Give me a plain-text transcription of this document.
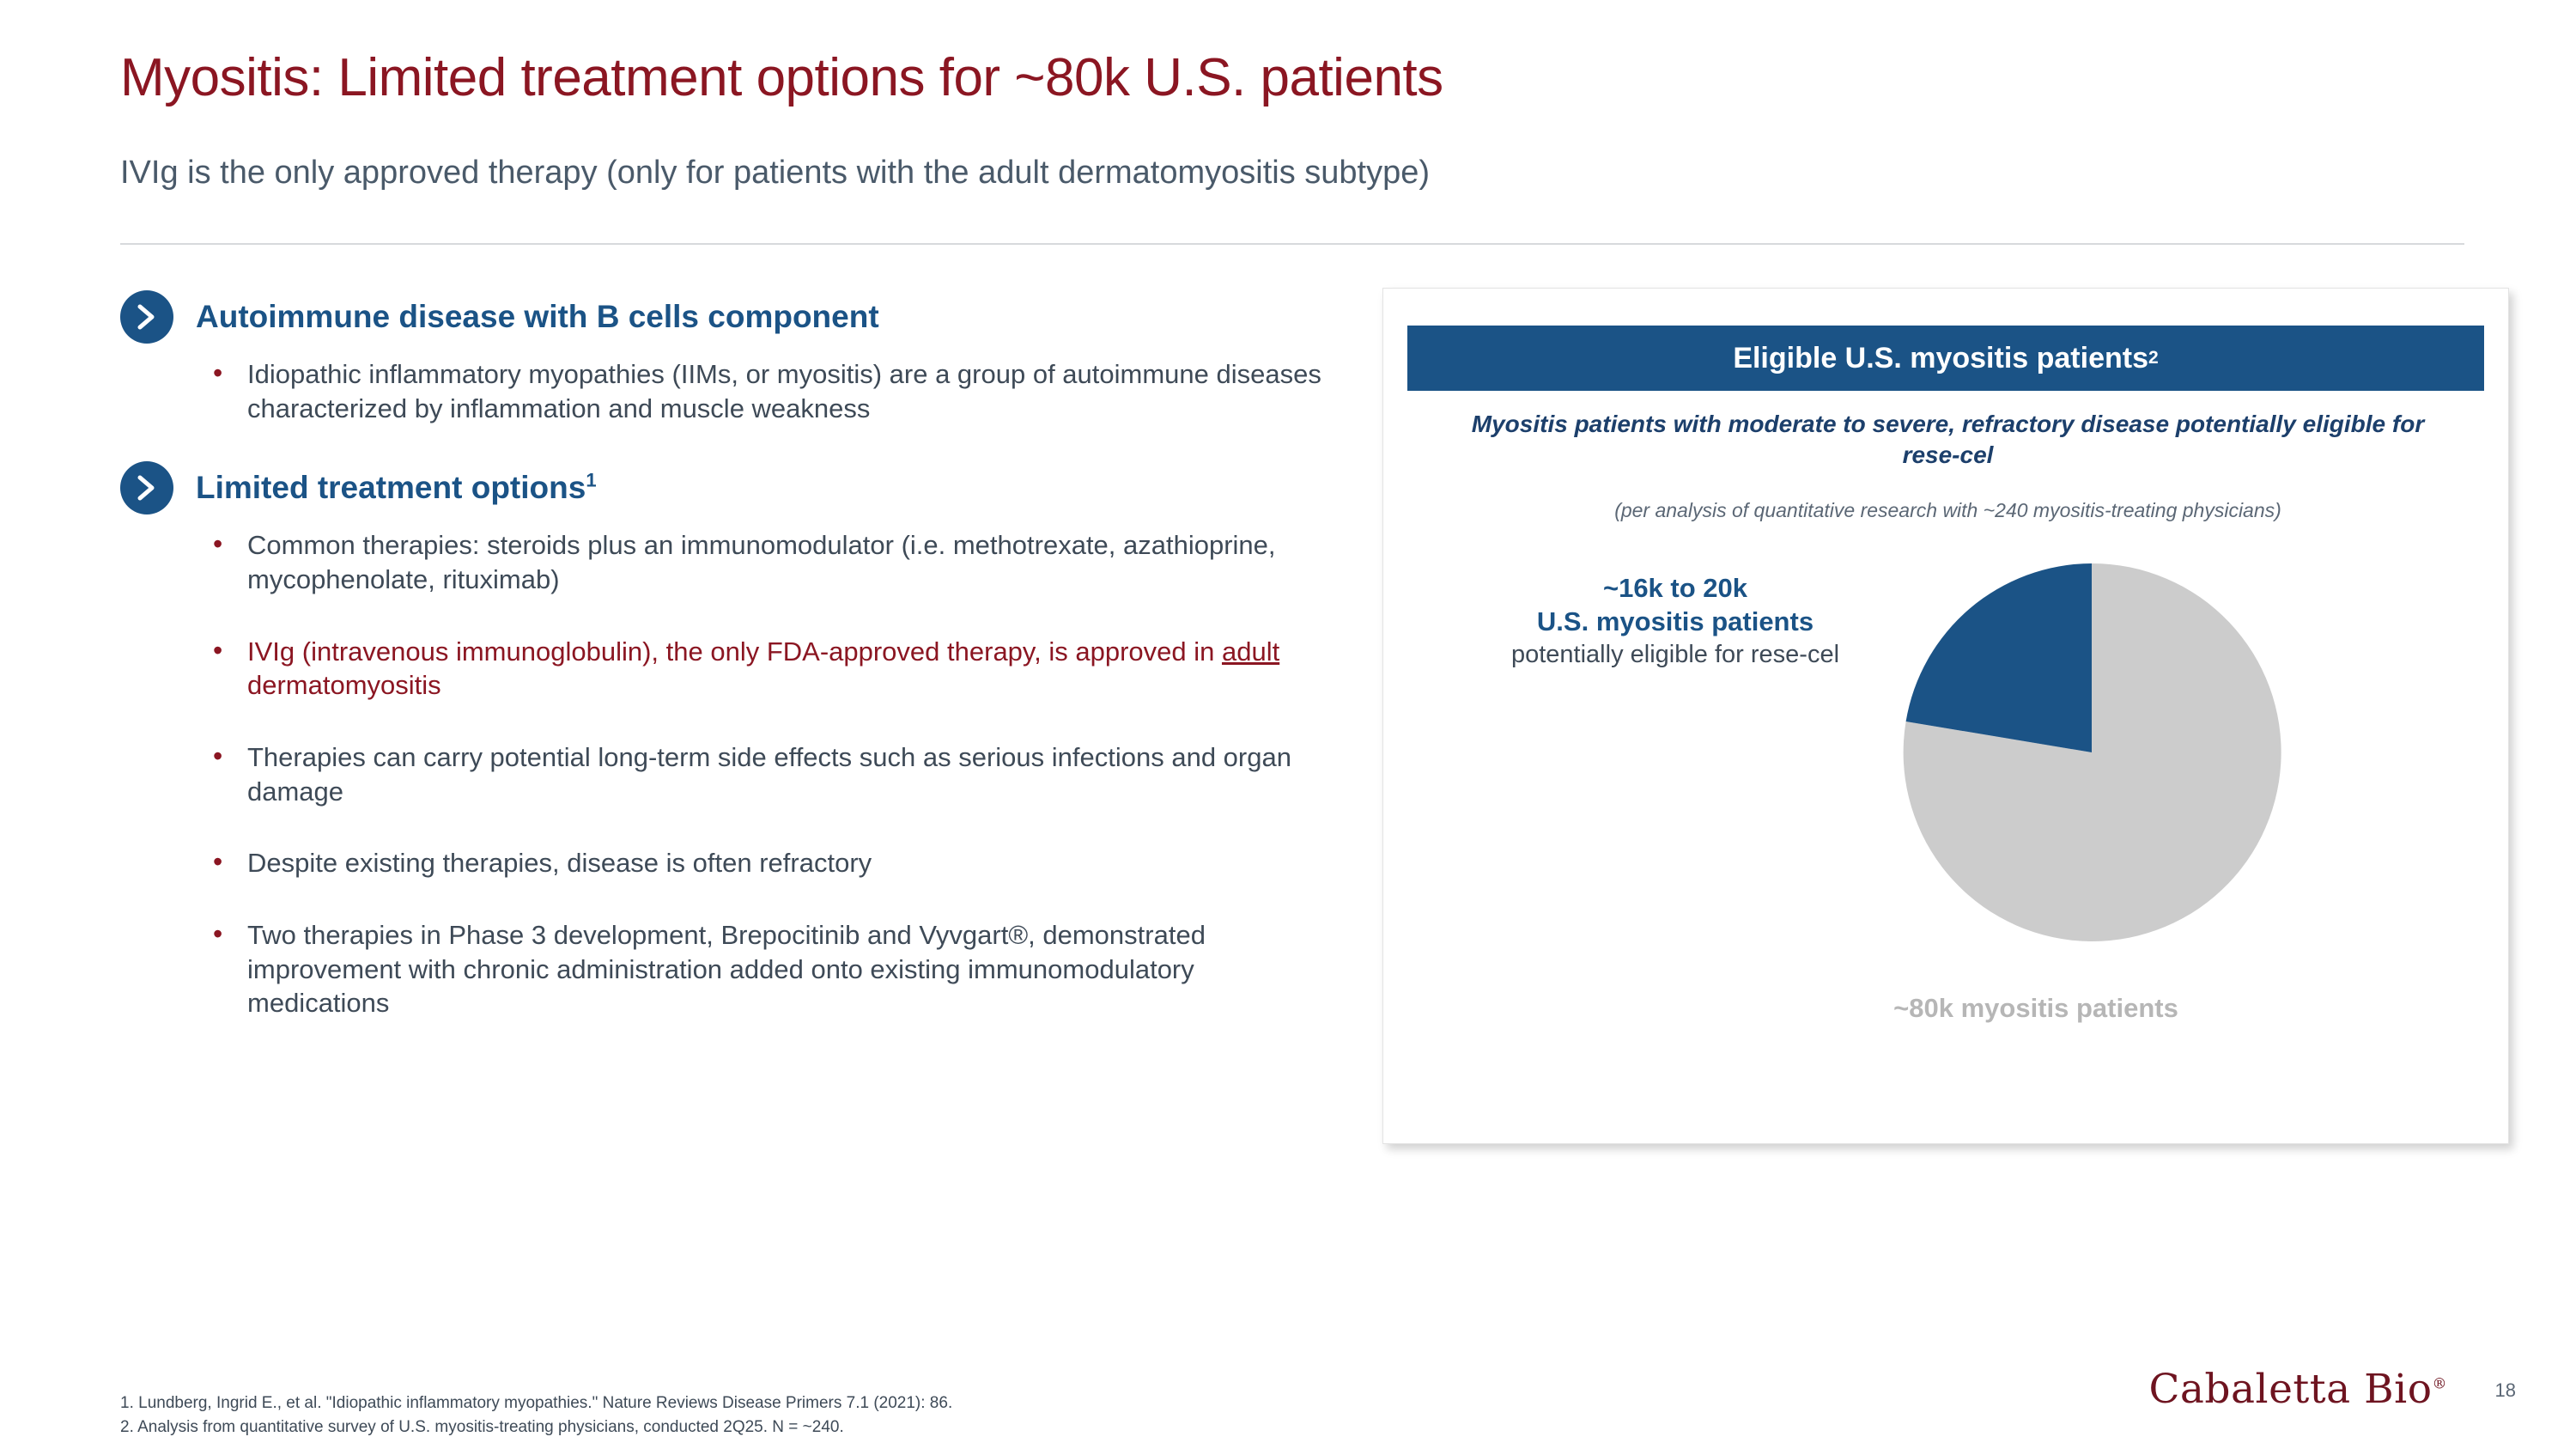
Myositis: Limited treatment options for ~80k U.S. patients
IVIg is the only approved therapy (only for patients with the adult dermatomyositis subtype)
Autoimmune disease with B cells component
• Idiopathic inflammatory myopathies (IIMs, or myositis) are a group of autoimmune diseases characterized by inflammation and muscle weakness
Limited treatment options$^1$
• Common therapies: steroids plus an immunomodulator (i.e. methotrexate, azathioprine, mycophenolate, rituximab)
• IVIg (intravenous immunoglobulin), the only FDA-approved therapy, is approved in adult dermatomyositis
• Therapies can carry potential long-term side effects such as serious infections and organ damage
• Despite existing therapies, disease is often refractory
• Two therapies in Phase 3 development, Brepocitinib and Vyvgart®, demonstrated improvement with chronic administration added onto existing immunomodulatory medications
Eligible U.S. myositis patients 2
Myositis patients with moderate to severe, refractory disease potentially eligible for rese-cel
(per analysis of quantitative research with ~240 myositis-treating physicians)
~16k to 20k
U.S. myositis patients
potentially eligible for rese-cel
~80k myositis patients
1. Lundberg, Ingrid E., et al. "Idiopathic inflammatory myopathies." Nature Reviews Disease Primers 7.1 (2021): 86.
2. Analysis from quantitative survey of U.S. myositis-treating physicians, conducted 2Q25. N = ~240.
Cabaletta Bio®	18
